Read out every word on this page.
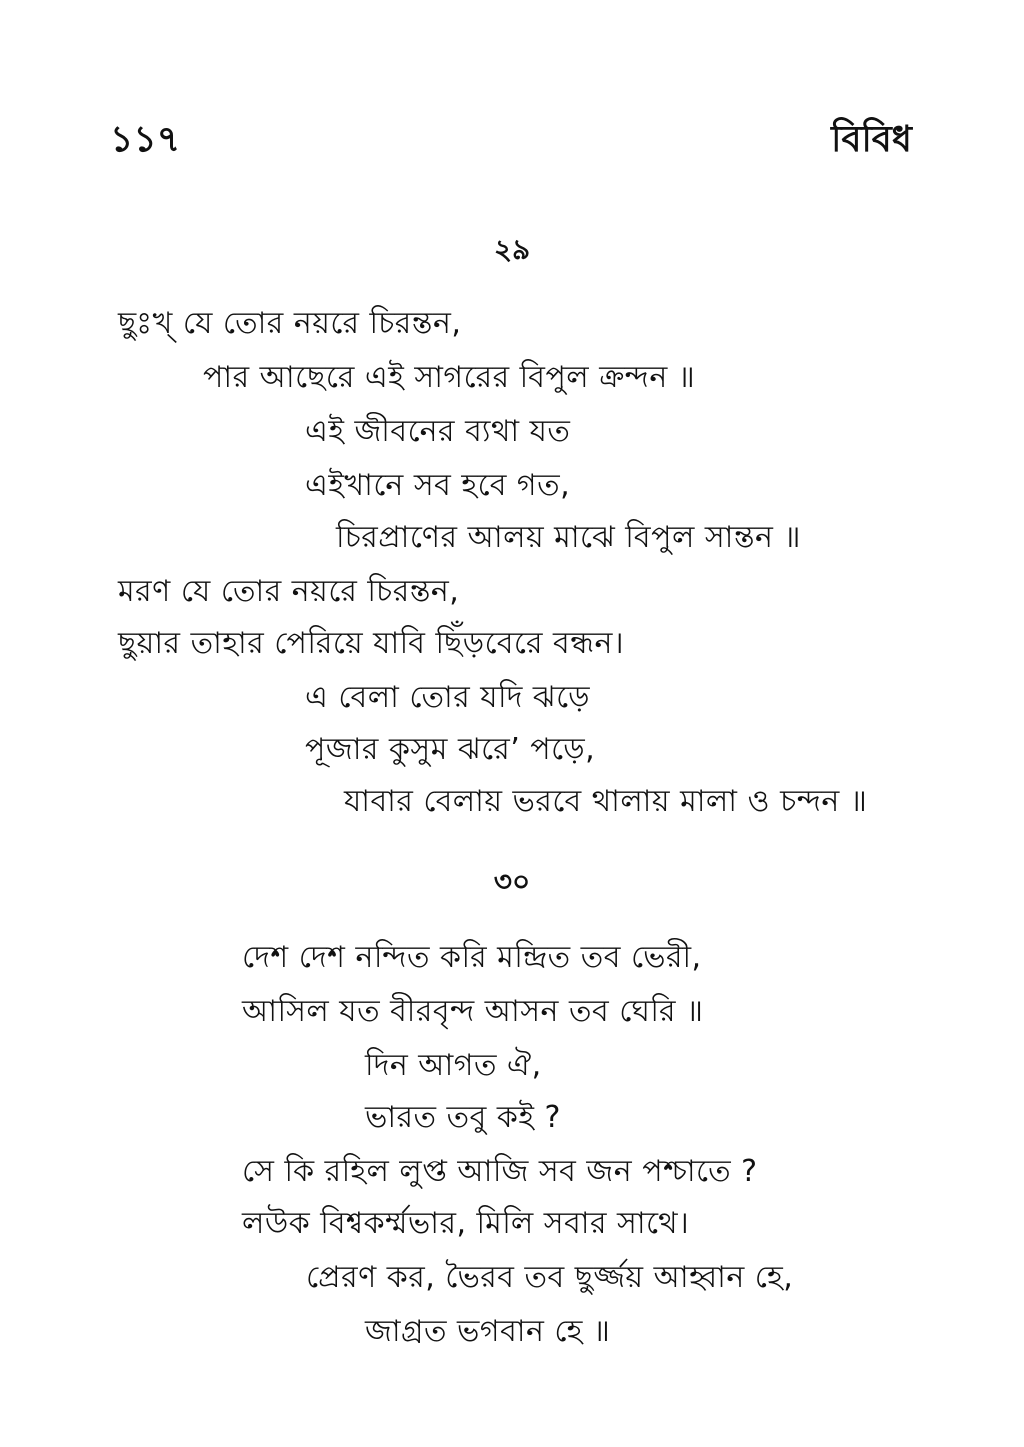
১১৭	বিবিধ
২৯
ছুঃখ্ যে তোর নয়রে চিরন্তন,
পার আছেরে এই সাগরের বিপুল ক্রন্দন ॥
এই জীবনের ব্যথা যত
এইখানে সব হবে গত,
চিরপ্রাণের আলয় মাঝে বিপুল সান্তন ॥
মরণ যে তোর নয়রে চিরন্তন,
ছুয়ার তাহার পেরিয়ে যাবি ছিঁড়বেরে বন্ধন।
এ বেলা তোর যদি ঝড়ে
পূজার কুসুম ঝরে’ পড়ে,
যাবার বেলায় ভরবে থালায় মালা ও চন্দন ॥
৩০
দেশ দেশ নন্দিত করি মন্দ্রিত তব ভেরী,
আসিল যত বীরবৃন্দ আসন তব ঘেরি ॥
দিন আগত ঐ,
ভারত তবু কই ?
সে কি রহিল লুপ্ত আজি সব জন পশ্চাতে ?
লউক বিশ্বকর্ম্মভার, মিলি সবার সাথে।
প্রেরণ কর, ভৈরব তব ছুর্জ্জয় আহ্বান হে,
জাগ্রত ভগবান হে ॥
